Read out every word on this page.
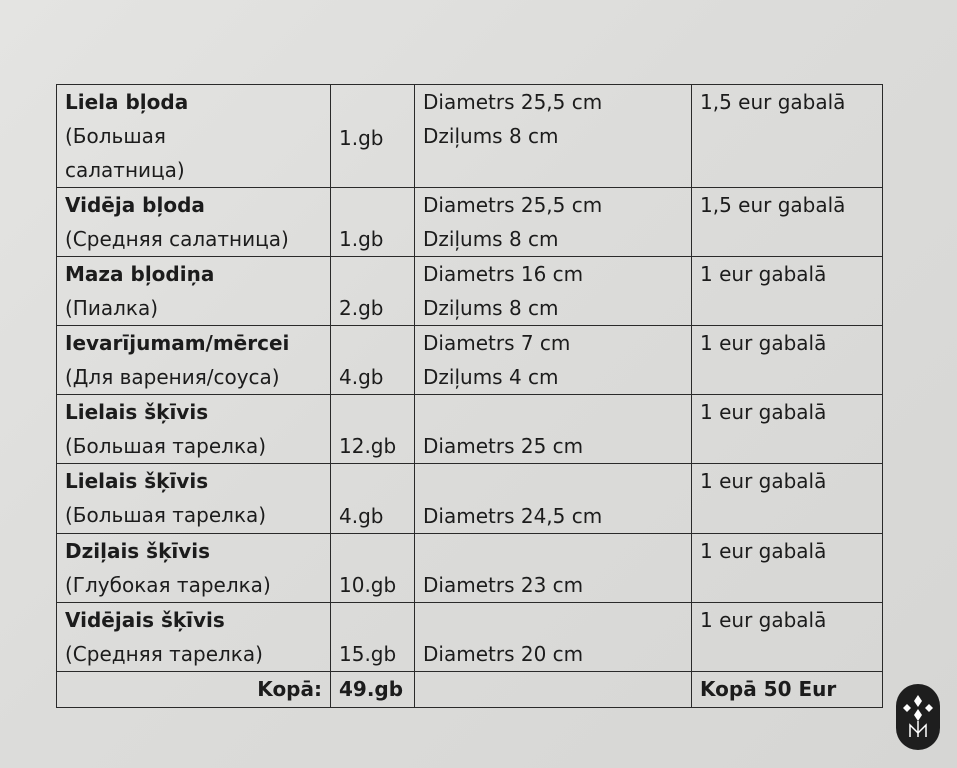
Liela bļoda
(Большая
салатница)	1.gb	Diametrs 25,5 cm
Dziļums 8 cm	1,5 eur gabalā

Vidēja bļoda
(Средняя салатница)	1.gb	Diametrs 25,5 cm
Dziļums 8 cm	1,5 eur gabalā

Maza bļodiņa
(Пиалка)	2.gb	Diametrs 16 cm
Dziļums 8 cm	1 eur gabalā

Ievarījumam/mērcei
(Для варения/соуса)	4.gb	Diametrs 7 cm
Dziļums 4 cm	1 eur gabalā

Lielais šķīvis
(Большая тарелка)	12.gb	Diametrs 25 cm	1 eur gabalā

Lielais šķīvis
(Большая тарелка)	4.gb	Diametrs 24,5 cm	1 eur gabalā

Dziļais šķīvis
(Глубокая тарелка)	10.gb	Diametrs 23 cm	1 eur gabalā

Vidējais šķīvis
(Средняя тарелка)	15.gb	Diametrs 20 cm	1 eur gabalā
Kopā:	49.gb		Kopā 50 Eur
